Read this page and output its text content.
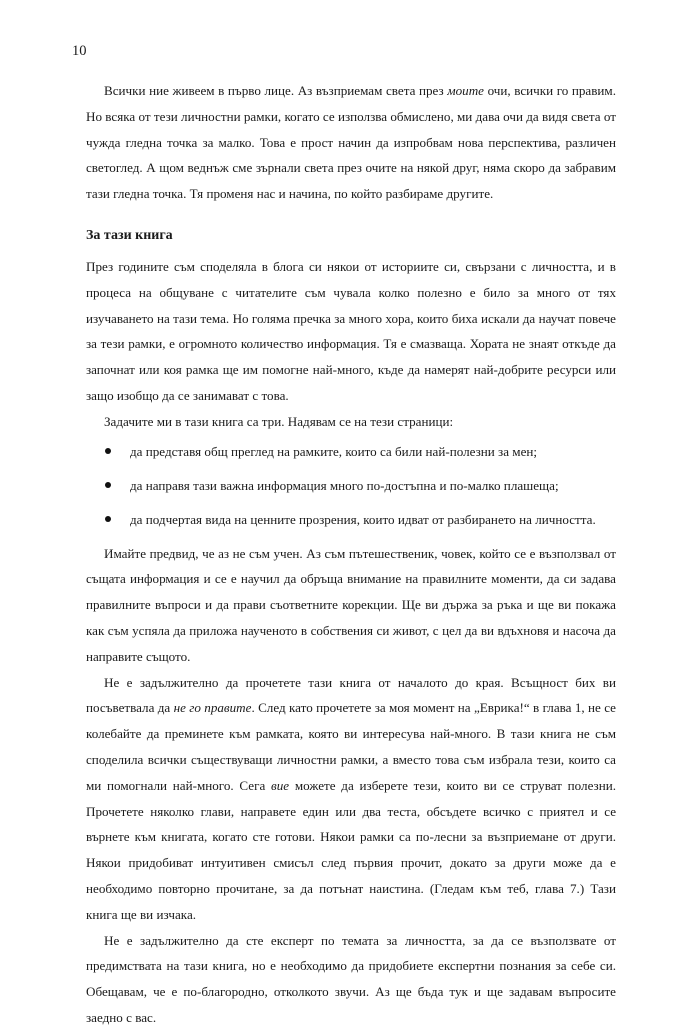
10

Всички ние живеем в първо лице. Аз възприемам света през моите очи, всички го правим. Но всяка от тези личностни рамки, когато се използва обмислено, ми дава очи да видя света от чужда гледна точка за малко. Това е прост начин да изпробвам нова перспектива, различен светоглед. А щом веднъж сме зърнали света през очите на някой друг, няма скоро да забравим тази гледна точка. Тя променя нас и начина, по който разбираме другите.

За тази книга

През годините съм споделяла в блога си някои от историите си, свързани с личността, и в процеса на общуване с читателите съм чувала колко полезно е било за много от тях изучаването на тази тема. Но голяма пречка за много хора, които биха искали да научат повече за тези рамки, е огромното количество информация. Тя е смазваща. Хората не знаят откъде да започнат или коя рамка ще им помогне най-много, къде да намерят най-добрите ресурси или защо изобщо да се занимават с това.

Задачите ми в тази книга са три. Надявам се на тези страници:

да представя общ преглед на рамките, които са били най-полезни за мен;
да направя тази важна информация много по-достъпна и по-малко плашеща;
да подчертая вида на ценните прозрения, които идват от разбирането на личността.

Имайте предвид, че аз не съм учен. Аз съм пътешественик, човек, който се е възползвал от същата информация и се е научил да обръща внимание на правилните моменти, да си задава правилните въпроси и да прави съответните корекции. Ще ви държа за ръка и ще ви покажа как съм успяла да приложа наученото в собствения си живот, с цел да ви вдъхновя и насоча да направите същото.

Не е задължително да прочетете тази книга от началото до края. Всъщност бих ви посъветвала да не го правите. След като прочетете за моя момент на „Еврика!“ в глава 1, не се колебайте да преминете към рамката, която ви интересува най-много. В тази книга не съм споделила всички съществуващи личностни рамки, а вместо това съм избрала тези, които са ми помогнали най-много. Сега вие можете да изберете тези, които ви се струват полезни. Прочетете няколко глави, направете един или два теста, обсъдете всичко с приятел и се върнете към книгата, когато сте готови. Някои рамки са по-лесни за възприемане от други. Някои придобиват интуитивен смисъл след първия прочит, докато за други може да е необходимо повторно прочитане, за да потънат наистина. (Гледам към теб, глава 7.) Тази книга ще ви изчака.

Не е задължително да сте експерт по темата за личността, за да се възползвате от предимствата на тази книга, но е необходимо да придобиете експертни познания за себе си. Обещавам, че е по-благородно, отколкото звучи. Аз ще бъда тук и ще задавам въпросите заедно с вас.
